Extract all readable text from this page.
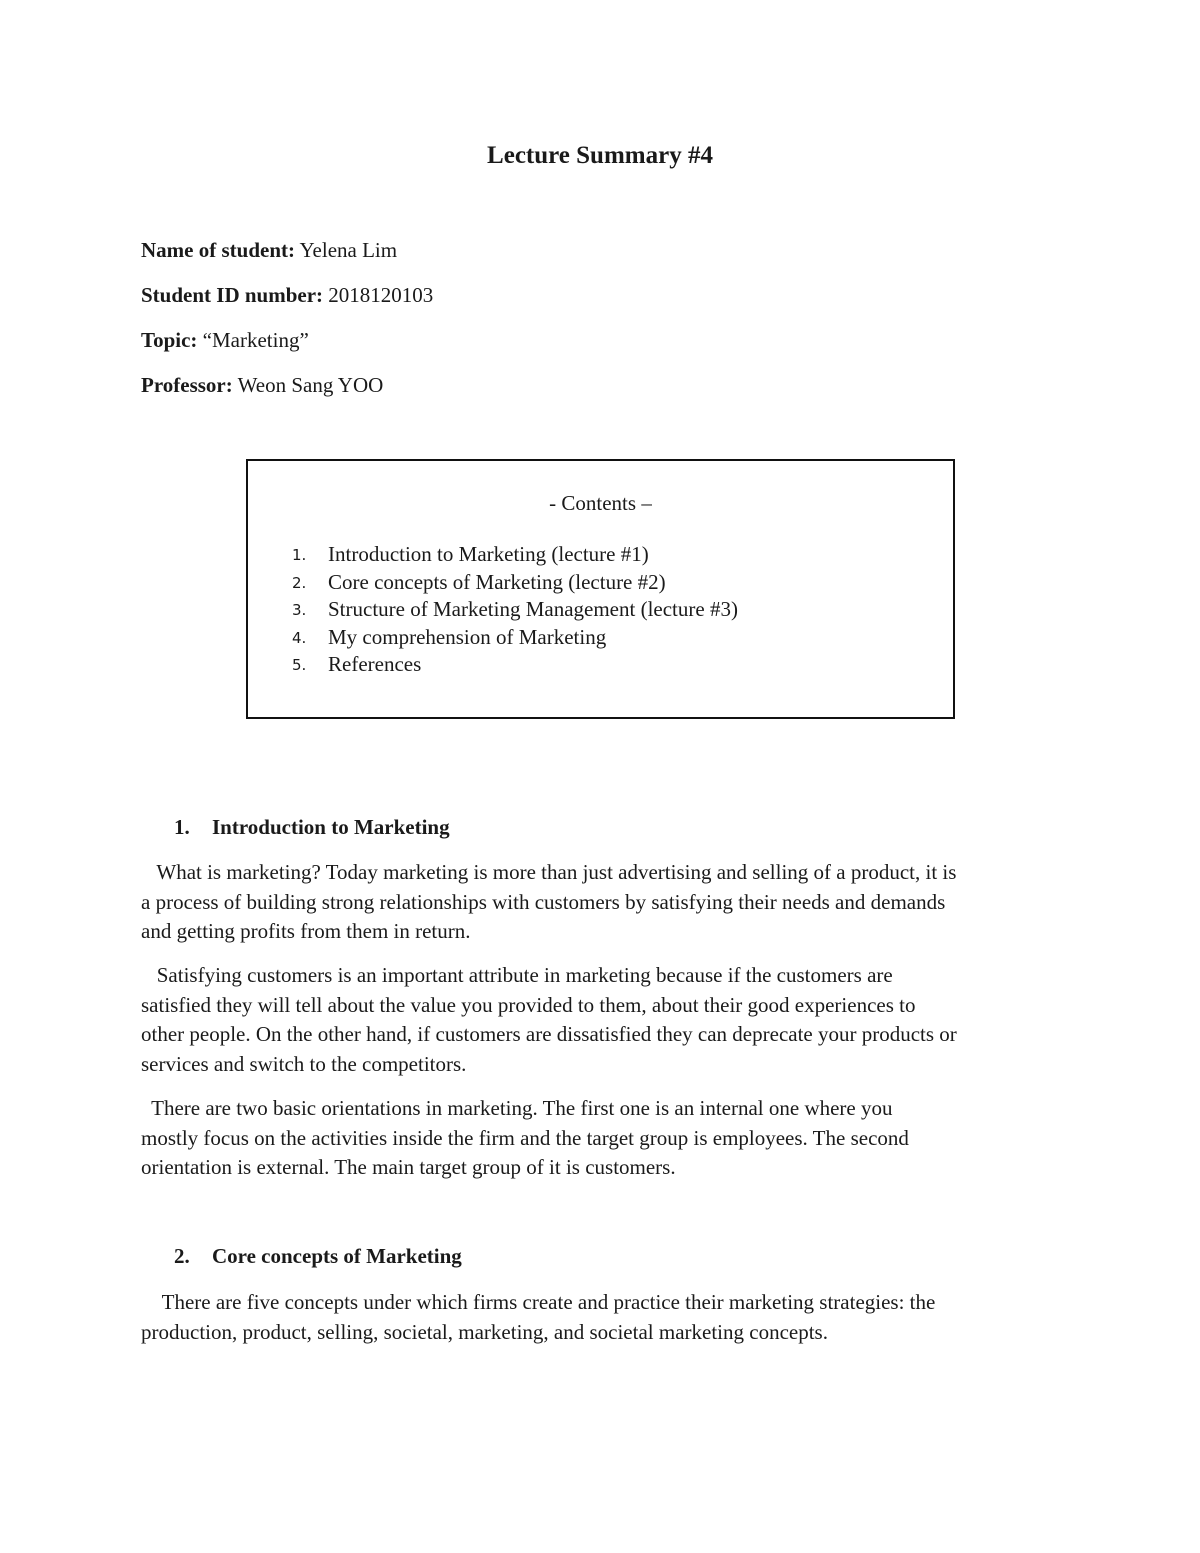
Lecture Summary #4
Name of student: Yelena Lim
Student ID number: 2018120103
Topic: “Marketing”
Professor: Weon Sang YOO
- Contents –
1.	Introduction to Marketing (lecture #1)
2.	Core concepts of Marketing (lecture #2)
3.	Structure of Marketing Management (lecture #3)
4.	My comprehension of Marketing
5.	References
1. Introduction to Marketing

What is marketing? Today marketing is more than just advertising and selling of a product, it is
a process of building strong relationships with customers by satisfying their needs and demands
and getting profits from them in return.

Satisfying customers is an important attribute in marketing because if the customers are
satisfied they will tell about the value you provided to them, about their good experiences to
other people. On the other hand, if customers are dissatisfied they can deprecate your products or
services and switch to the competitors.

There are two basic orientations in marketing. The first one is an internal one where you
mostly focus on the activities inside the firm and the target group is employees. The second
orientation is external. The main target group of it is customers.

2. Core concepts of Marketing

There are five concepts under which firms create and practice their marketing strategies: the
production, product, selling, societal, marketing, and societal marketing concepts.
